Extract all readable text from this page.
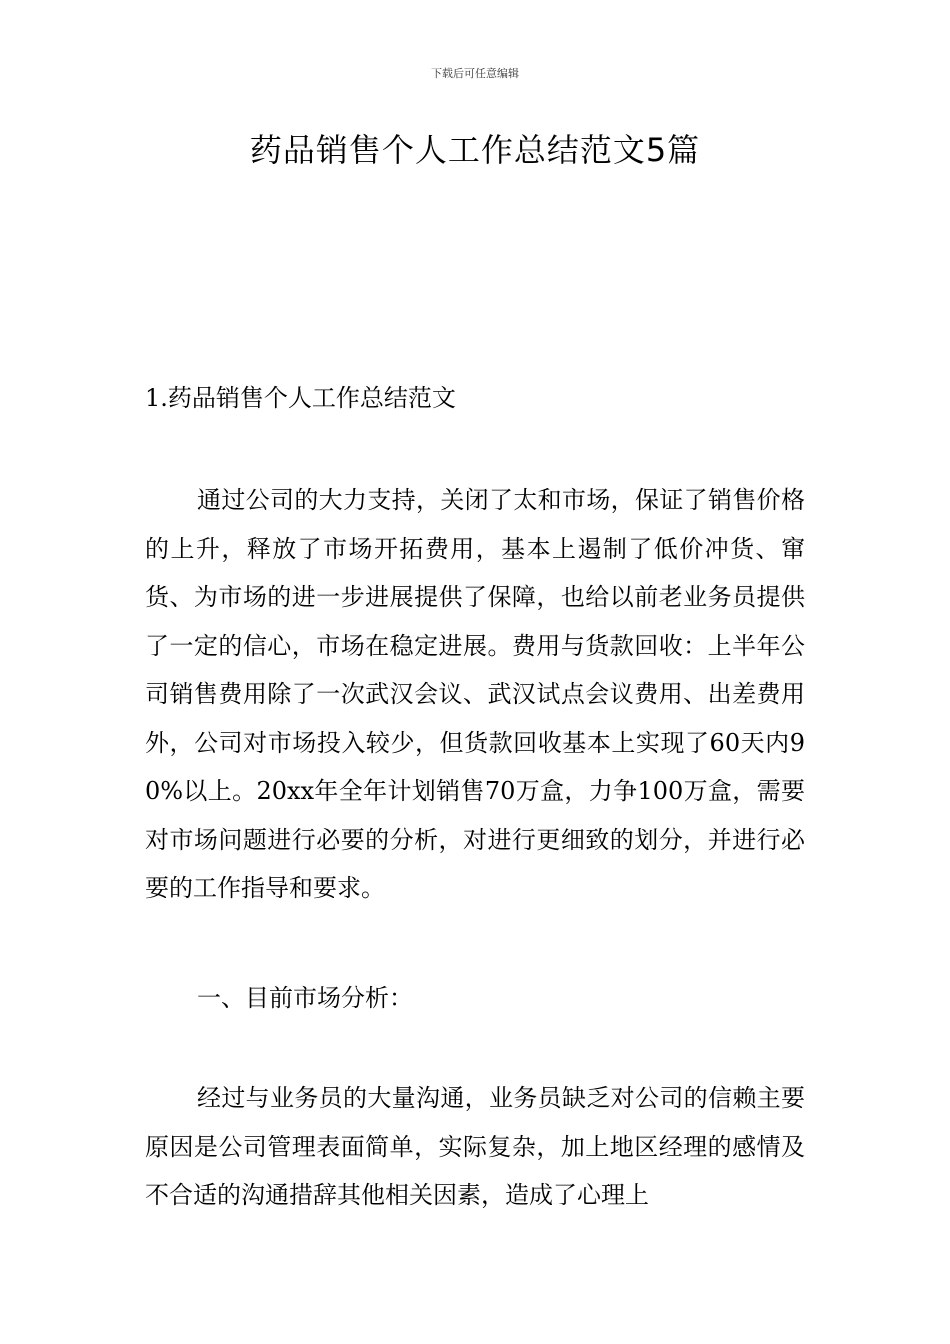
下载后可任意编辑
药品销售个人工作总结范文5篇
1.药品销售个人工作总结范文

通过公司的大力支持，关闭了太和市场，保证了销售价格的上升，释放了市场开拓费用，基本上遏制了低价冲货、窜货、为市场的进一步进展提供了保障，也给以前老业务员提供了一定的信心，市场在稳定进展。费用与货款回收：上半年公司销售费用除了一次武汉会议、武汉试点会议费用、出差费用外，公司对市场投入较少，但货款回收基本上实现了60天内90%以上。20xx年全年计划销售70万盒，力争100万盒，需要对市场问题进行必要的分析，对进行更细致的划分，并进行必要的工作指导和要求。

一、目前市场分析：

经过与业务员的大量沟通，业务员缺乏对公司的信赖主要原因是公司管理表面简单，实际复杂，加上地区经理的感情及不合适的沟通措辞其他相关因素，造成了心理上
